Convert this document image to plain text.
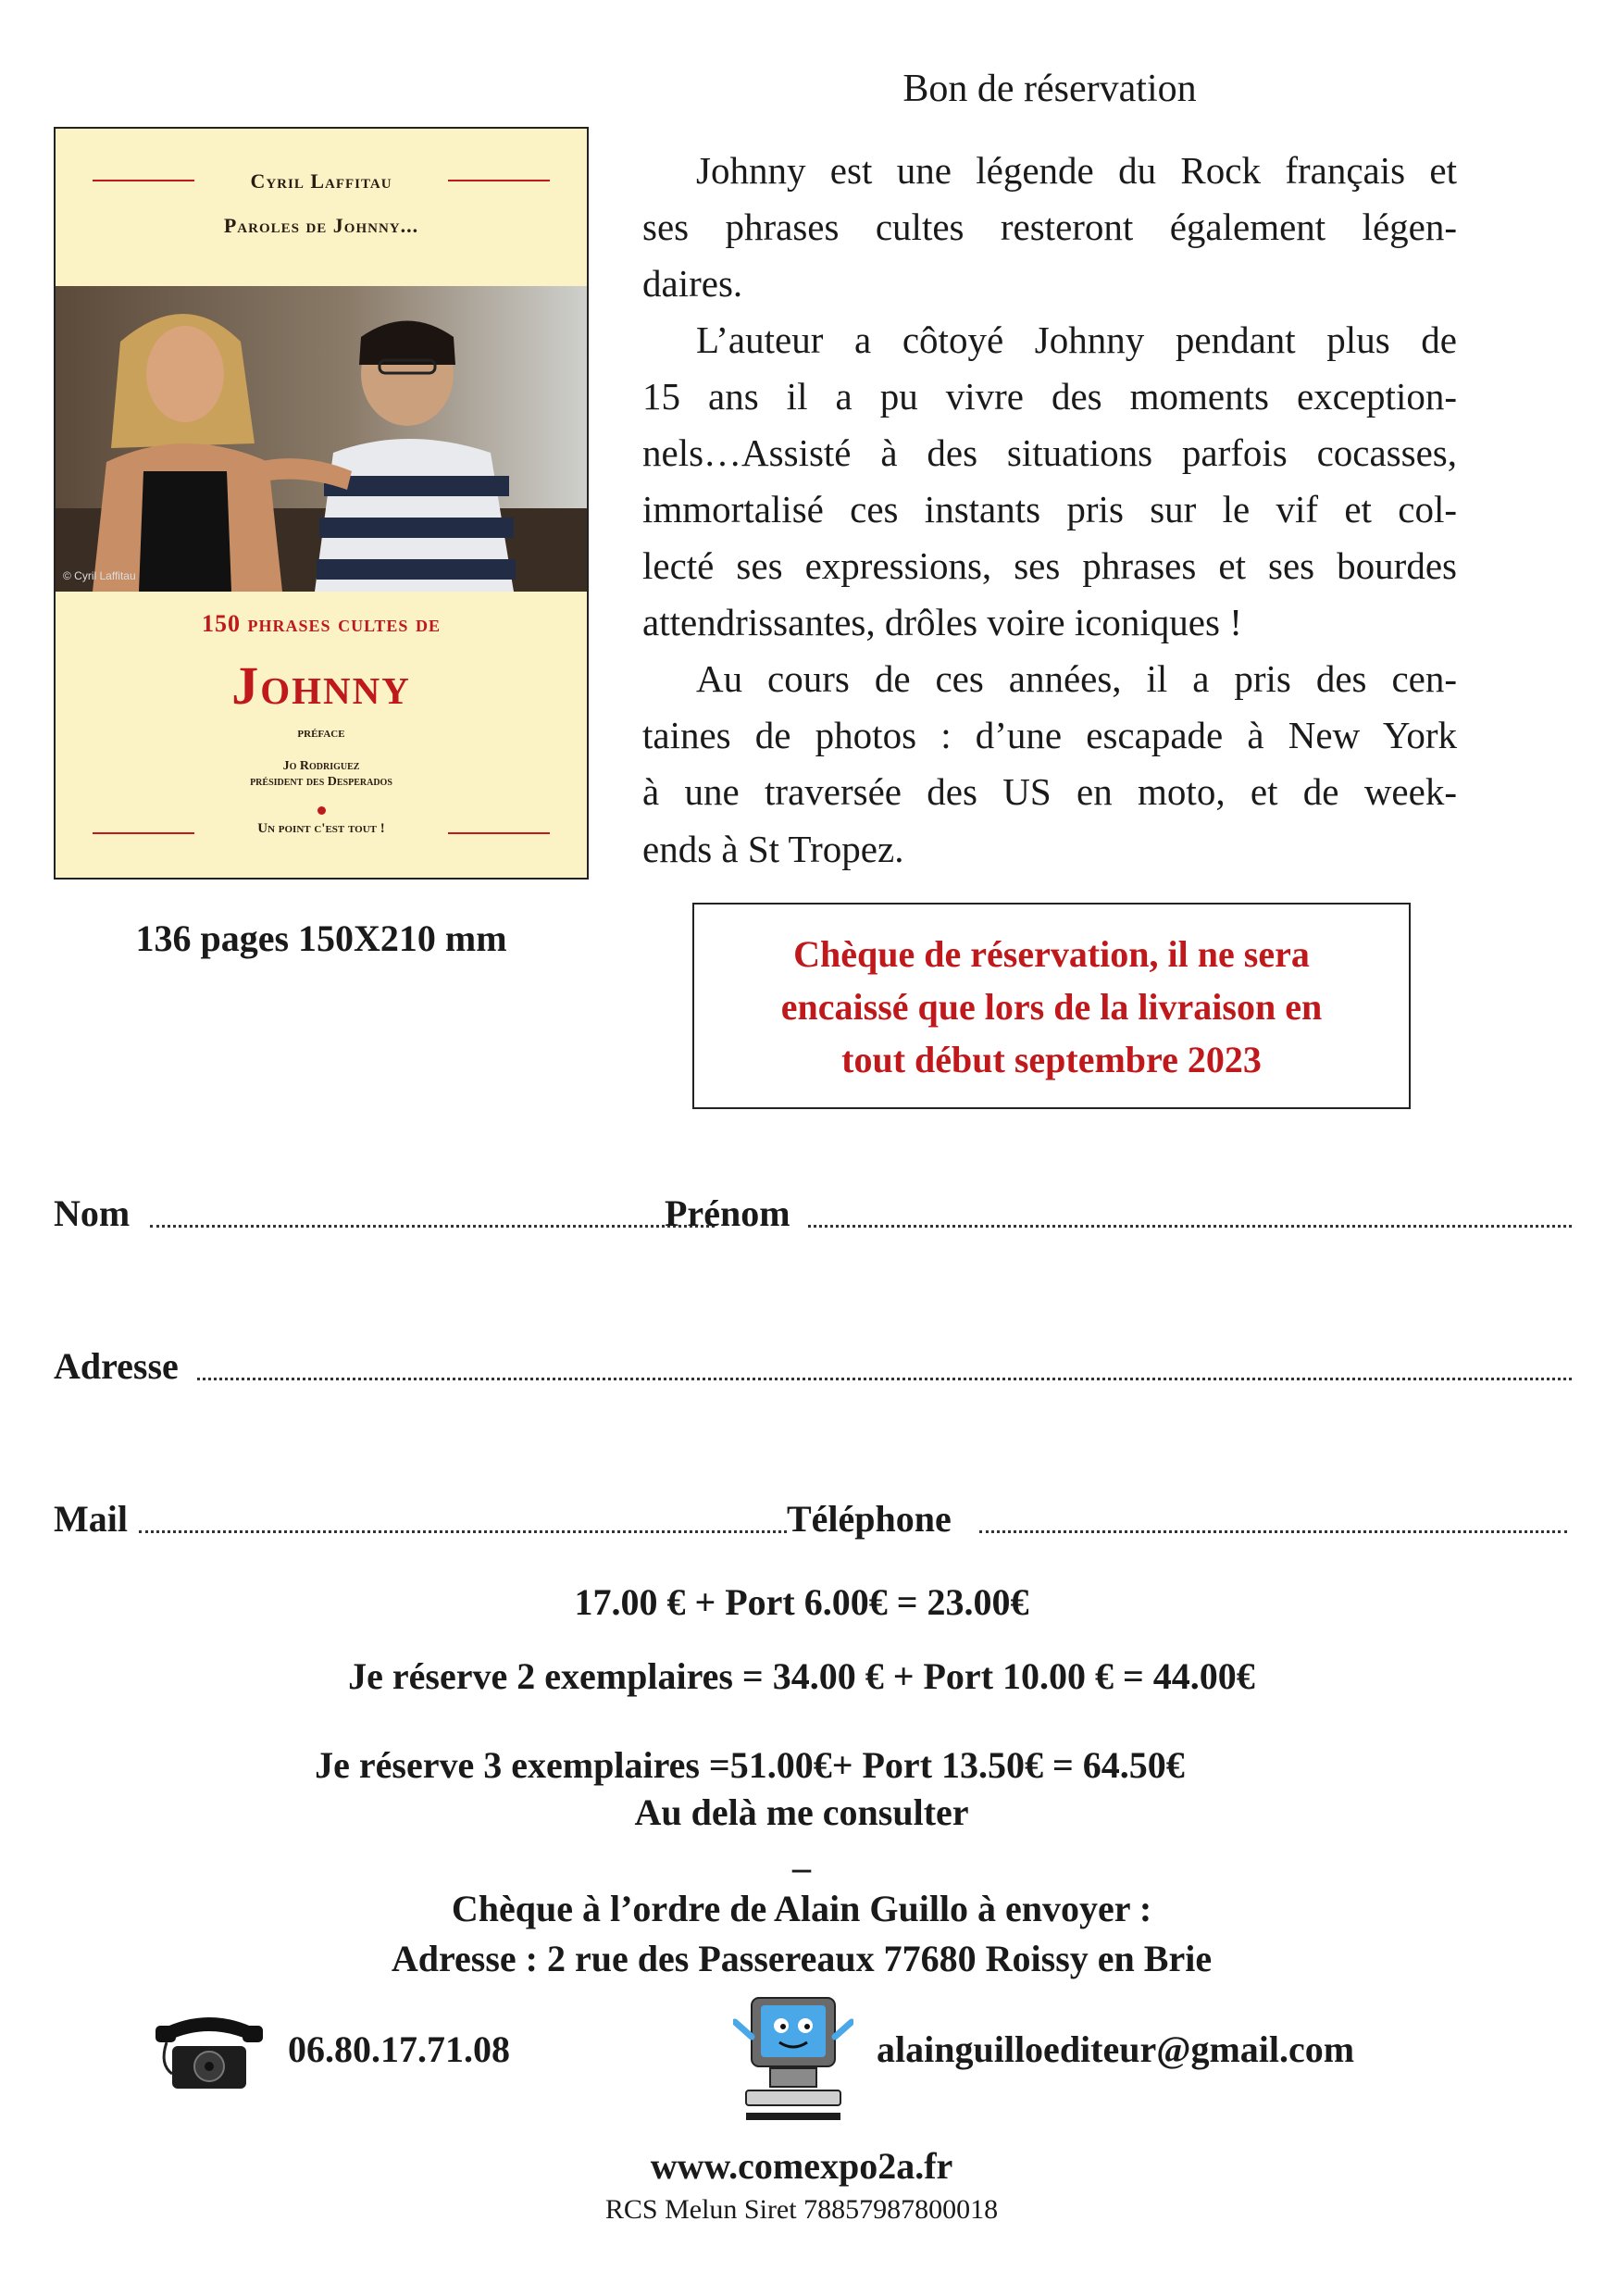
Cyril Laffitau
Paroles de Johnny...
© Cyril Laffitau
150 phrases cultes de
Johnny
préface
Jo Rodriguez
président des Desperados
Un point c'est tout !
136 pages 150X210 mm
Bon de réservation
Johnny est une légende du Rock français et
ses phrases cultes resteront également légen-
daires.
L’auteur a côtoyé Johnny pendant plus de
15 ans il a pu vivre des moments exception-
nels…Assisté à des situations parfois cocasses,
immortalisé ces instants pris sur le vif et col-
lecté ses expressions, ses phrases et ses bourdes
attendrissantes, drôles voire iconiques !
Au cours de ces années, il a pris des cen-
taines de photos : d’une escapade à New York
à une traversée des US en moto, et de week-
ends à St Tropez.
Chèque de réservation, il ne sera
encaissé que lors de la livraison en
tout début septembre 2023
Nom	Prénom
Adresse
Mail	Téléphone
17.00 € + Port 6.00€ = 23.00€
Je réserve 2 exemplaires = 34.00 € + Port 10.00 € = 44.00€
Je réserve 3 exemplaires =51.00€+ Port 13.50€ = 64.50€
Au delà me consulter
_
Chèque à l’ordre de Alain Guillo à envoyer :
Adresse : 2 rue des Passereaux 77680 Roissy en Brie
06.80.17.71.08	alainguilloediteur@gmail.com
www.comexpo2a.fr
RCS Melun Siret 78857987800018
